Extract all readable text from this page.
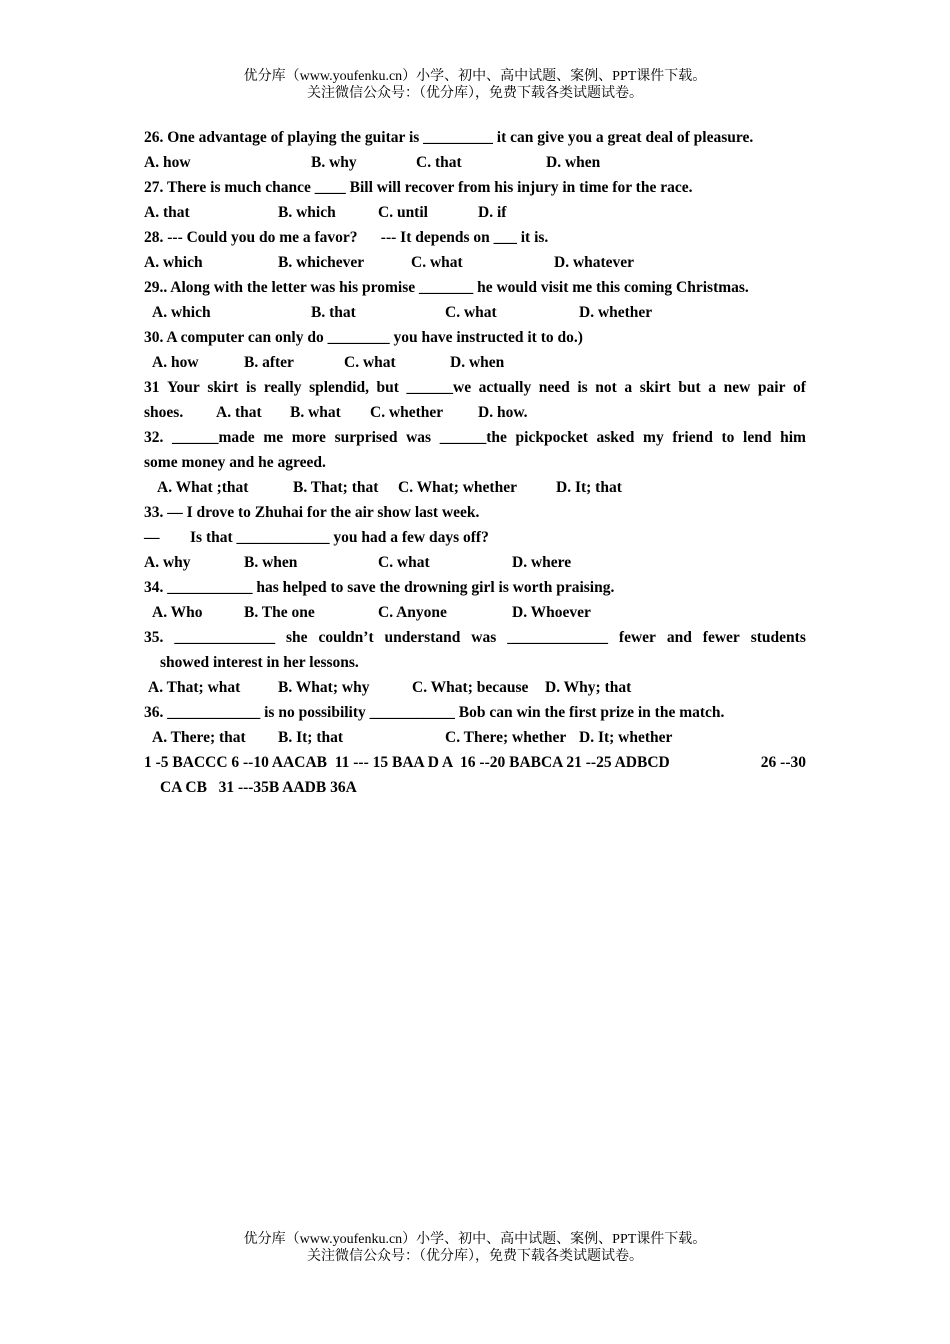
优分库（www.youfenku.cn）小学、初中、高中试题、案例、PPT课件下载。
关注微信公众号：（优分库），免费下载各类试题试卷。
26. One advantage of playing the guitar is _________ it can give you a great deal of pleasure.

A. how

	B. why

	C. that

	D. when

27. There is much chance ____ Bill will recover from his injury in time for the race.

A. that

	B. which

	C. until

	D. if

28. --- Could you do me a favor?      --- It depends on ___ it is.

A. which

	B. whichever

	C. what

	D. whatever

29.. Along with the letter was his promise _______ he would visit me this coming Christmas.

A. which

	B. that

	C. what

	D. whether

30. A computer can only do ________ you have instructed it to do.)

A. how

	B. after

	C. what

	D. when

31 Your skirt is really splendid, but ______we actually need is not a skirt but a new pair of

shoes.

A. that

B. what

C. whether

D. how.

32. ______made me more surprised was ______the pickpocket asked my friend to lend him
some money and he agreed.

A. What ;that

	B. That; that

C. What; whether

	D. It; that

33. — I drove to Zhuhai for the air show last week.

—

Is that ____________ you had a few days off?

A. why

	B. when

	C. what

	D. where

34. ___________ has helped to save the drowning girl is worth praising.

A. Who

	B. The one

	C. Anyone

	D. Whoever

35. _____________ she couldn’t understand was _____________ fewer and fewer students
showed interest in her lessons.

A. That; what

B. What; why

	C. What; because

D. Why; that

36. ____________ is no possibility ___________ Bob can win the first prize in the match.

A. There; that

B. It; that

	C. There; whether

D. It; whether

1 -5 BACCC 6 --10 AACAB  11 --- 15 BAA D A  16 --20 BABCA 21 --25 ADBCD

	26 --30

CA CB   31 ---35B AADB 36A

优分库（www.youfenku.cn）小学、初中、高中试题、案例、PPT课件下载。
关注微信公众号：（优分库），免费下载各类试题试卷。
